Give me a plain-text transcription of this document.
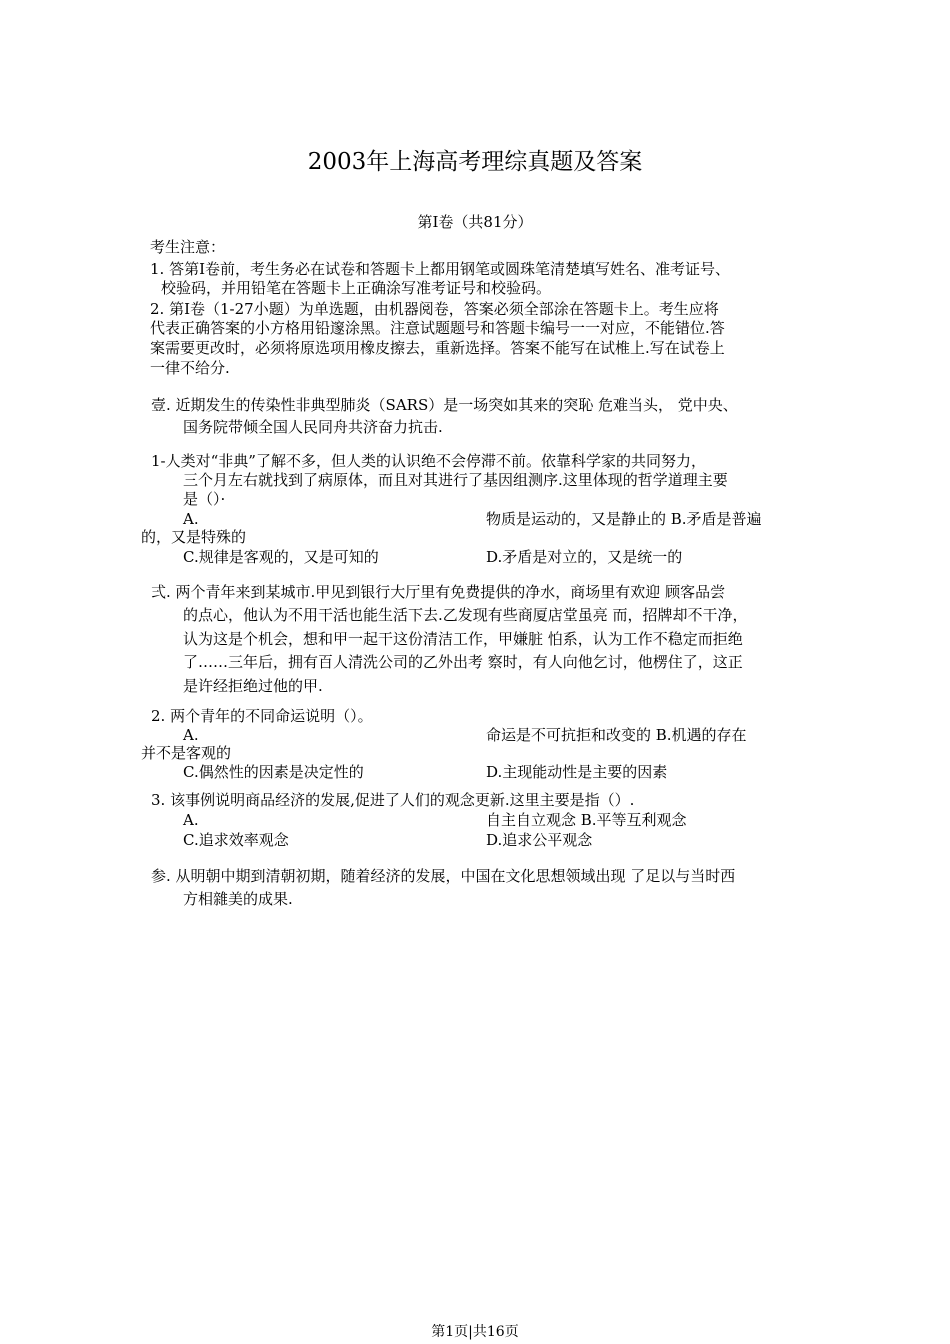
2003年上海高考理综真题及答案
第I卷（共81分）
考生注意：
1. 答第I卷前，考生务必在试卷和答题卡上都用钢笔或圆珠笔清楚填写姓名、准考证号、
校验码，并用铅笔在答题卡上正确涂写准考证号和校验码。
2. 第I卷（1-27小题）为单选题，由机器阅卷，答案必须全部涂在答题卡上。考生应将
代表正确答案的小方格用铅邃涂黑。注意试题题号和答题卡编号一一对应，不能错位.答
案需要更改时，必须将原选项用橡皮擦去，重新选择。答案不能写在试椎上.写在试卷上
一律不给分.
壹. 近期发生的传染性非典型肺炎（SARS）是一场突如其来的突恥 危难当头， 党中央、
国务院带倾全国人民同舟共济奋力抗击.
1-人类对“非典”了解不多，但人类的认识绝不会停滞不前。依靠科学家的共同努力，
三个月左右就找到了病原体，而且对其进行了基因组测序.这里体现的哲学道理主要
是（）·
A.	物质是运动的，又是静止的 B.矛盾是普遍
的，又是特殊的
C.规律是客观的，又是可知的	D.矛盾是对立的，又是统一的
弍. 两个青年来到某城市.甲见到银行大厅里有免费提供的净水，商场里有欢迎 顾客品尝
的点心，他认为不用干活也能生活下去.乙发现有些商厦店堂虽亮 而，招牌却不干净，
认为这是个机会，想和甲一起干这份清洁工作，甲嫌脏 怕系，认为工作不稳定而拒绝
了……三年后，拥有百人清洗公司的乙外出考 察时，有人向他乞讨，他楞住了，这正
是许经拒绝过他的甲.
2. 两个青年的不同命运说明（）。
A.	命运是不可抗拒和改变的 B.机遇的存在
并不是客观的
C.偶然性的因素是决定性的	D.主现能动性是主要的因素
3. 该事例说明商品经济的发展,促进了人们的观念更新.这里主要是指（）.
A.	自主自立观念 B.平等互利观念
C.追求效率观念	D.追求公平观念
参. 从明朝中期到清朝初期，随着经济的发展，中国在文化思想领域出现 了足以与当时西
方相雜美的成果.
第1页|共16页
